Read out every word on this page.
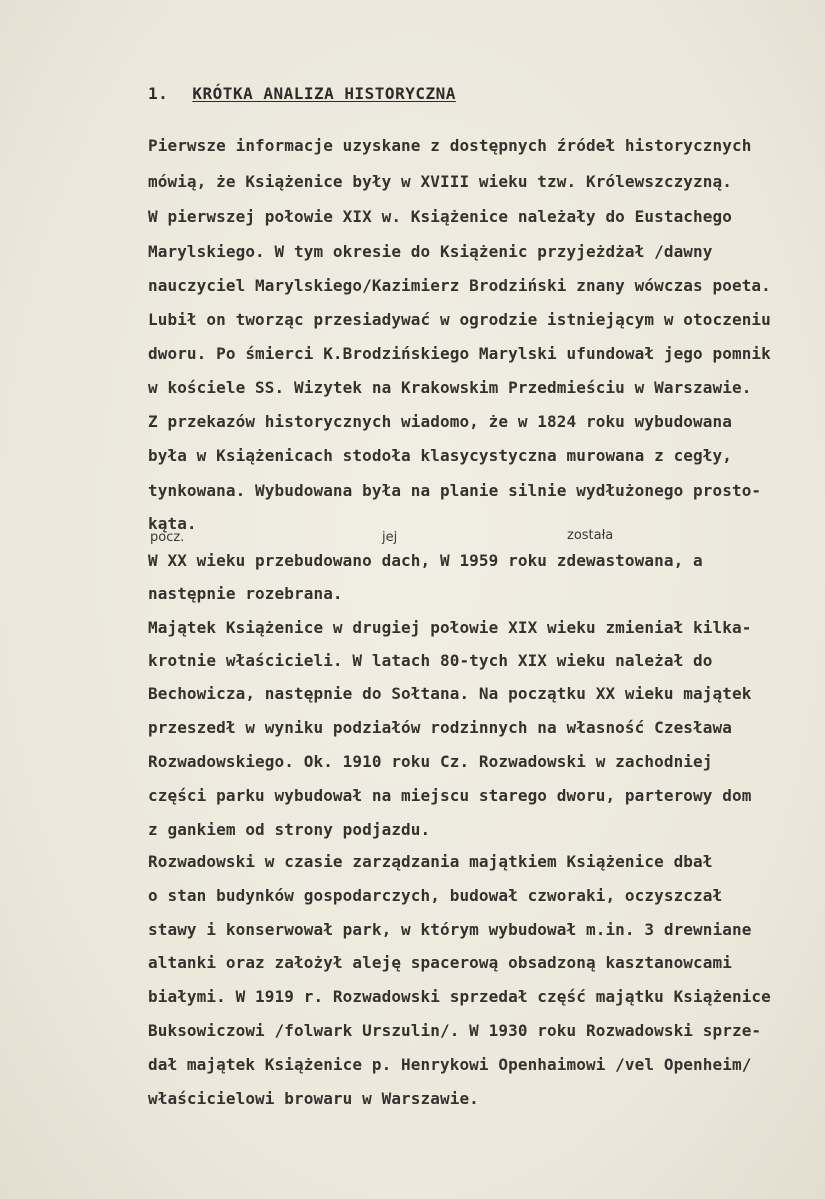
1. KRÓTKA ANALIZA HISTORYCZNA
Pierwsze informacje uzyskane z dostępnych źródeł historycznych
mówią, że Książenice były w XVIII wieku tzw. Królewszczyzną.
W pierwszej połowie XIX w. Książenice należały do Eustachego
Marylskiego. W tym okresie do Książenic przyjeżdżał /dawny
nauczyciel Marylskiego/Kazimierz Brodziński znany wówczas poeta.
Lubił on tworząc przesiadywać w ogrodzie istniejącym w otoczeniu
dworu. Po śmierci K.Brodzińskiego Marylski ufundował jego pomnik
w kościele SS. Wizytek na Krakowskim Przedmieściu w Warszawie.
Z przekazów historycznych wiadomo, że w 1824 roku wybudowana
była w Książenicach stodoła klasycystyczna murowana z cegły,
tynkowana. Wybudowana była na planie silnie wydłużonego prosto-
kąta.
pocz.	jej	została
W XX wieku przebudowano dach, W 1959 roku zdewastowana, a
następnie rozebrana.
Majątek Książenice w drugiej połowie XIX wieku zmieniał kilka-
krotnie właścicieli. W latach 80-tych XIX wieku należał do
Bechowicza, następnie do Sołtana. Na początku XX wieku majątek
przeszedł w wyniku podziałów rodzinnych na własność Czesława
Rozwadowskiego. Ok. 1910 roku Cz. Rozwadowski w zachodniej
części parku wybudował na miejscu starego dworu, parterowy dom
z gankiem od strony podjazdu.
Rozwadowski w czasie zarządzania majątkiem Książenice dbał
o stan budynków gospodarczych, budował czworaki, oczyszczał
stawy i konserwował park, w którym wybudował m.in. 3 drewniane
altanki oraz założył aleję spacerową obsadzoną kasztanowcami
białymi. W 1919 r. Rozwadowski sprzedał część majątku Książenice
Buksowiczowi /folwark Urszulin/. W 1930 roku Rozwadowski sprze-
dał majątek Książenice p. Henrykowi Openhaimowi /vel Openheim/
właścicielowi browaru w Warszawie.
